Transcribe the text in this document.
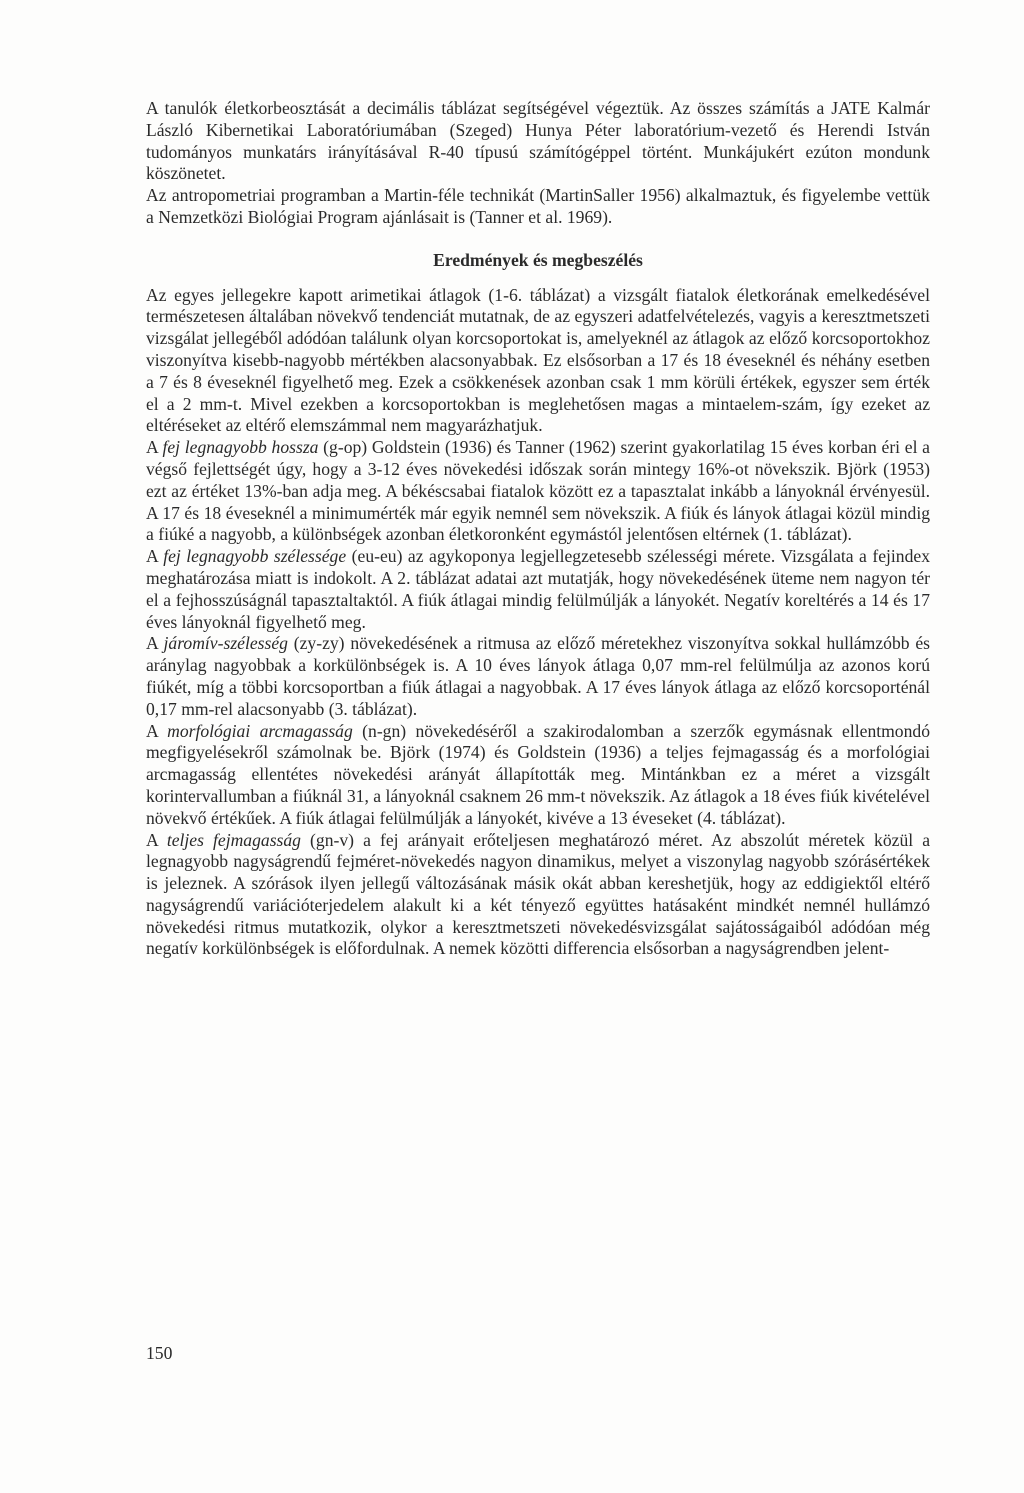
A tanulók életkorbeosztását a decimális táblázat segítségével végeztük. Az összes számítás a JATE Kalmár László Kibernetikai Laboratóriumában (Szeged) Hunya Péter laboratórium-vezető és Herendi István tudományos munkatárs irányításával R-40 típusú számítógéppel történt. Munkájukért ezúton mondunk köszönetet.

Az antropometriai programban a Martin-féle technikát (MartinSaller 1956) alkalmaztuk, és figyelembe vettük a Nemzetközi Biológiai Program ajánlásait is (Tanner et al. 1969).

Eredmények és megbeszélés

Az egyes jellegekre kapott arimetikai átlagok (1-6. táblázat) a vizsgált fiatalok életkorának emelkedésével természetesen általában növekvő tendenciát mutatnak, de az egyszeri adatfelvételezés, vagyis a keresztmetszeti vizsgálat jellegéből adódóan találunk olyan korcsoportokat is, amelyeknél az átlagok az előző korcsoportokhoz viszonyítva kisebb-nagyobb mértékben alacsonyabbak. Ez elsősorban a 17 és 18 éveseknél és néhány esetben a 7 és 8 éveseknél figyelhető meg. Ezek a csökkenések azonban csak 1 mm körüli értékek, egyszer sem érték el a 2 mm-t. Mivel ezekben a korcsoportokban is meglehetősen magas a mintaelem-szám, így ezeket az eltéréseket az eltérő elemszámmal nem magyarázhatjuk.

A fej legnagyobb hossza (g-op) Goldstein (1936) és Tanner (1962) szerint gyakorlatilag 15 éves korban éri el a végső fejlettségét úgy, hogy a 3-12 éves növekedési időszak során mintegy 16%-ot növekszik. Björk (1953) ezt az értéket 13%-ban adja meg. A békéscsabai fiatalok között ez a tapasztalat inkább a lányoknál érvényesül. A 17 és 18 éveseknél a minimumérték már egyik nemnél sem növekszik. A fiúk és lányok átlagai közül mindig a fiúké a nagyobb, a különbségek azonban életkoronként egymástól jelentősen eltérnek (1. táblázat).

A fej legnagyobb szélessége (eu-eu) az agykoponya legjellegzetesebb szélességi mérete. Vizsgálata a fejindex meghatározása miatt is indokolt. A 2. táblázat adatai azt mutatják, hogy növekedésének üteme nem nagyon tér el a fejhosszúságnál tapasztaltaktól. A fiúk átlagai mindig felülmúlják a lányokét. Negatív koreltérés a 14 és 17 éves lányoknál figyelhető meg.

A járomív-szélesség (zy-zy) növekedésének a ritmusa az előző méretekhez viszonyítva sokkal hullámzóbb és aránylag nagyobbak a korkülönbségek is. A 10 éves lányok átlaga 0,07 mm-rel felülmúlja az azonos korú fiúkét, míg a többi korcsoportban a fiúk átlagai a nagyobbak. A 17 éves lányok átlaga az előző korcsoporténál 0,17 mm-rel alacsonyabb (3. táblázat).

A morfológiai arcmagasság (n-gn) növekedéséről a szakirodalomban a szerzők egymásnak ellentmondó megfigyelésekről számolnak be. Björk (1974) és Goldstein (1936) a teljes fejmagasság és a morfológiai arcmagasság ellentétes növekedési arányát állapították meg. Mintánkban ez a méret a vizsgált korintervallumban a fiúknál 31, a lányoknál csaknem 26 mm-t növekszik. Az átlagok a 18 éves fiúk kivételével növekvő értékűek. A fiúk átlagai felülmúlják a lányokét, kivéve a 13 éveseket (4. táblázat).

A teljes fejmagasság (gn-v) a fej arányait erőteljesen meghatározó méret. Az abszolút méretek közül a legnagyobb nagyságrendű fejméret-növekedés nagyon dinamikus, melyet a viszonylag nagyobb szórásértékek is jeleznek. A szórások ilyen jellegű változásának másik okát abban kereshetjük, hogy az eddigiektől eltérő nagyságrendű variációterjedelem alakult ki a két tényező együttes hatásaként mindkét nemnél hullámzó növekedési ritmus mutatkozik, olykor a keresztmetszeti növekedésvizsgálat sajátosságaiból adódóan még negatív korkülönbségek is előfordulnak. A nemek közötti differencia elsősorban a nagyságrendben jelent-

150
